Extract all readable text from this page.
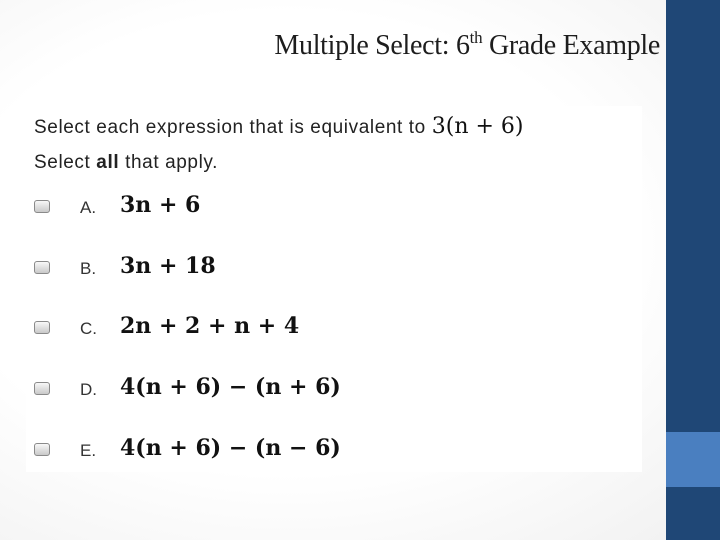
Multiple Select: 6th Grade Example
Select each expression that is equivalent to 3(n + 6)
Select all that apply.
A. 3n + 6
B. 3n + 18
C. 2n + 2 + n + 4
D. 4(n + 6) − (n + 6)
E. 4(n + 6) − (n − 6)
